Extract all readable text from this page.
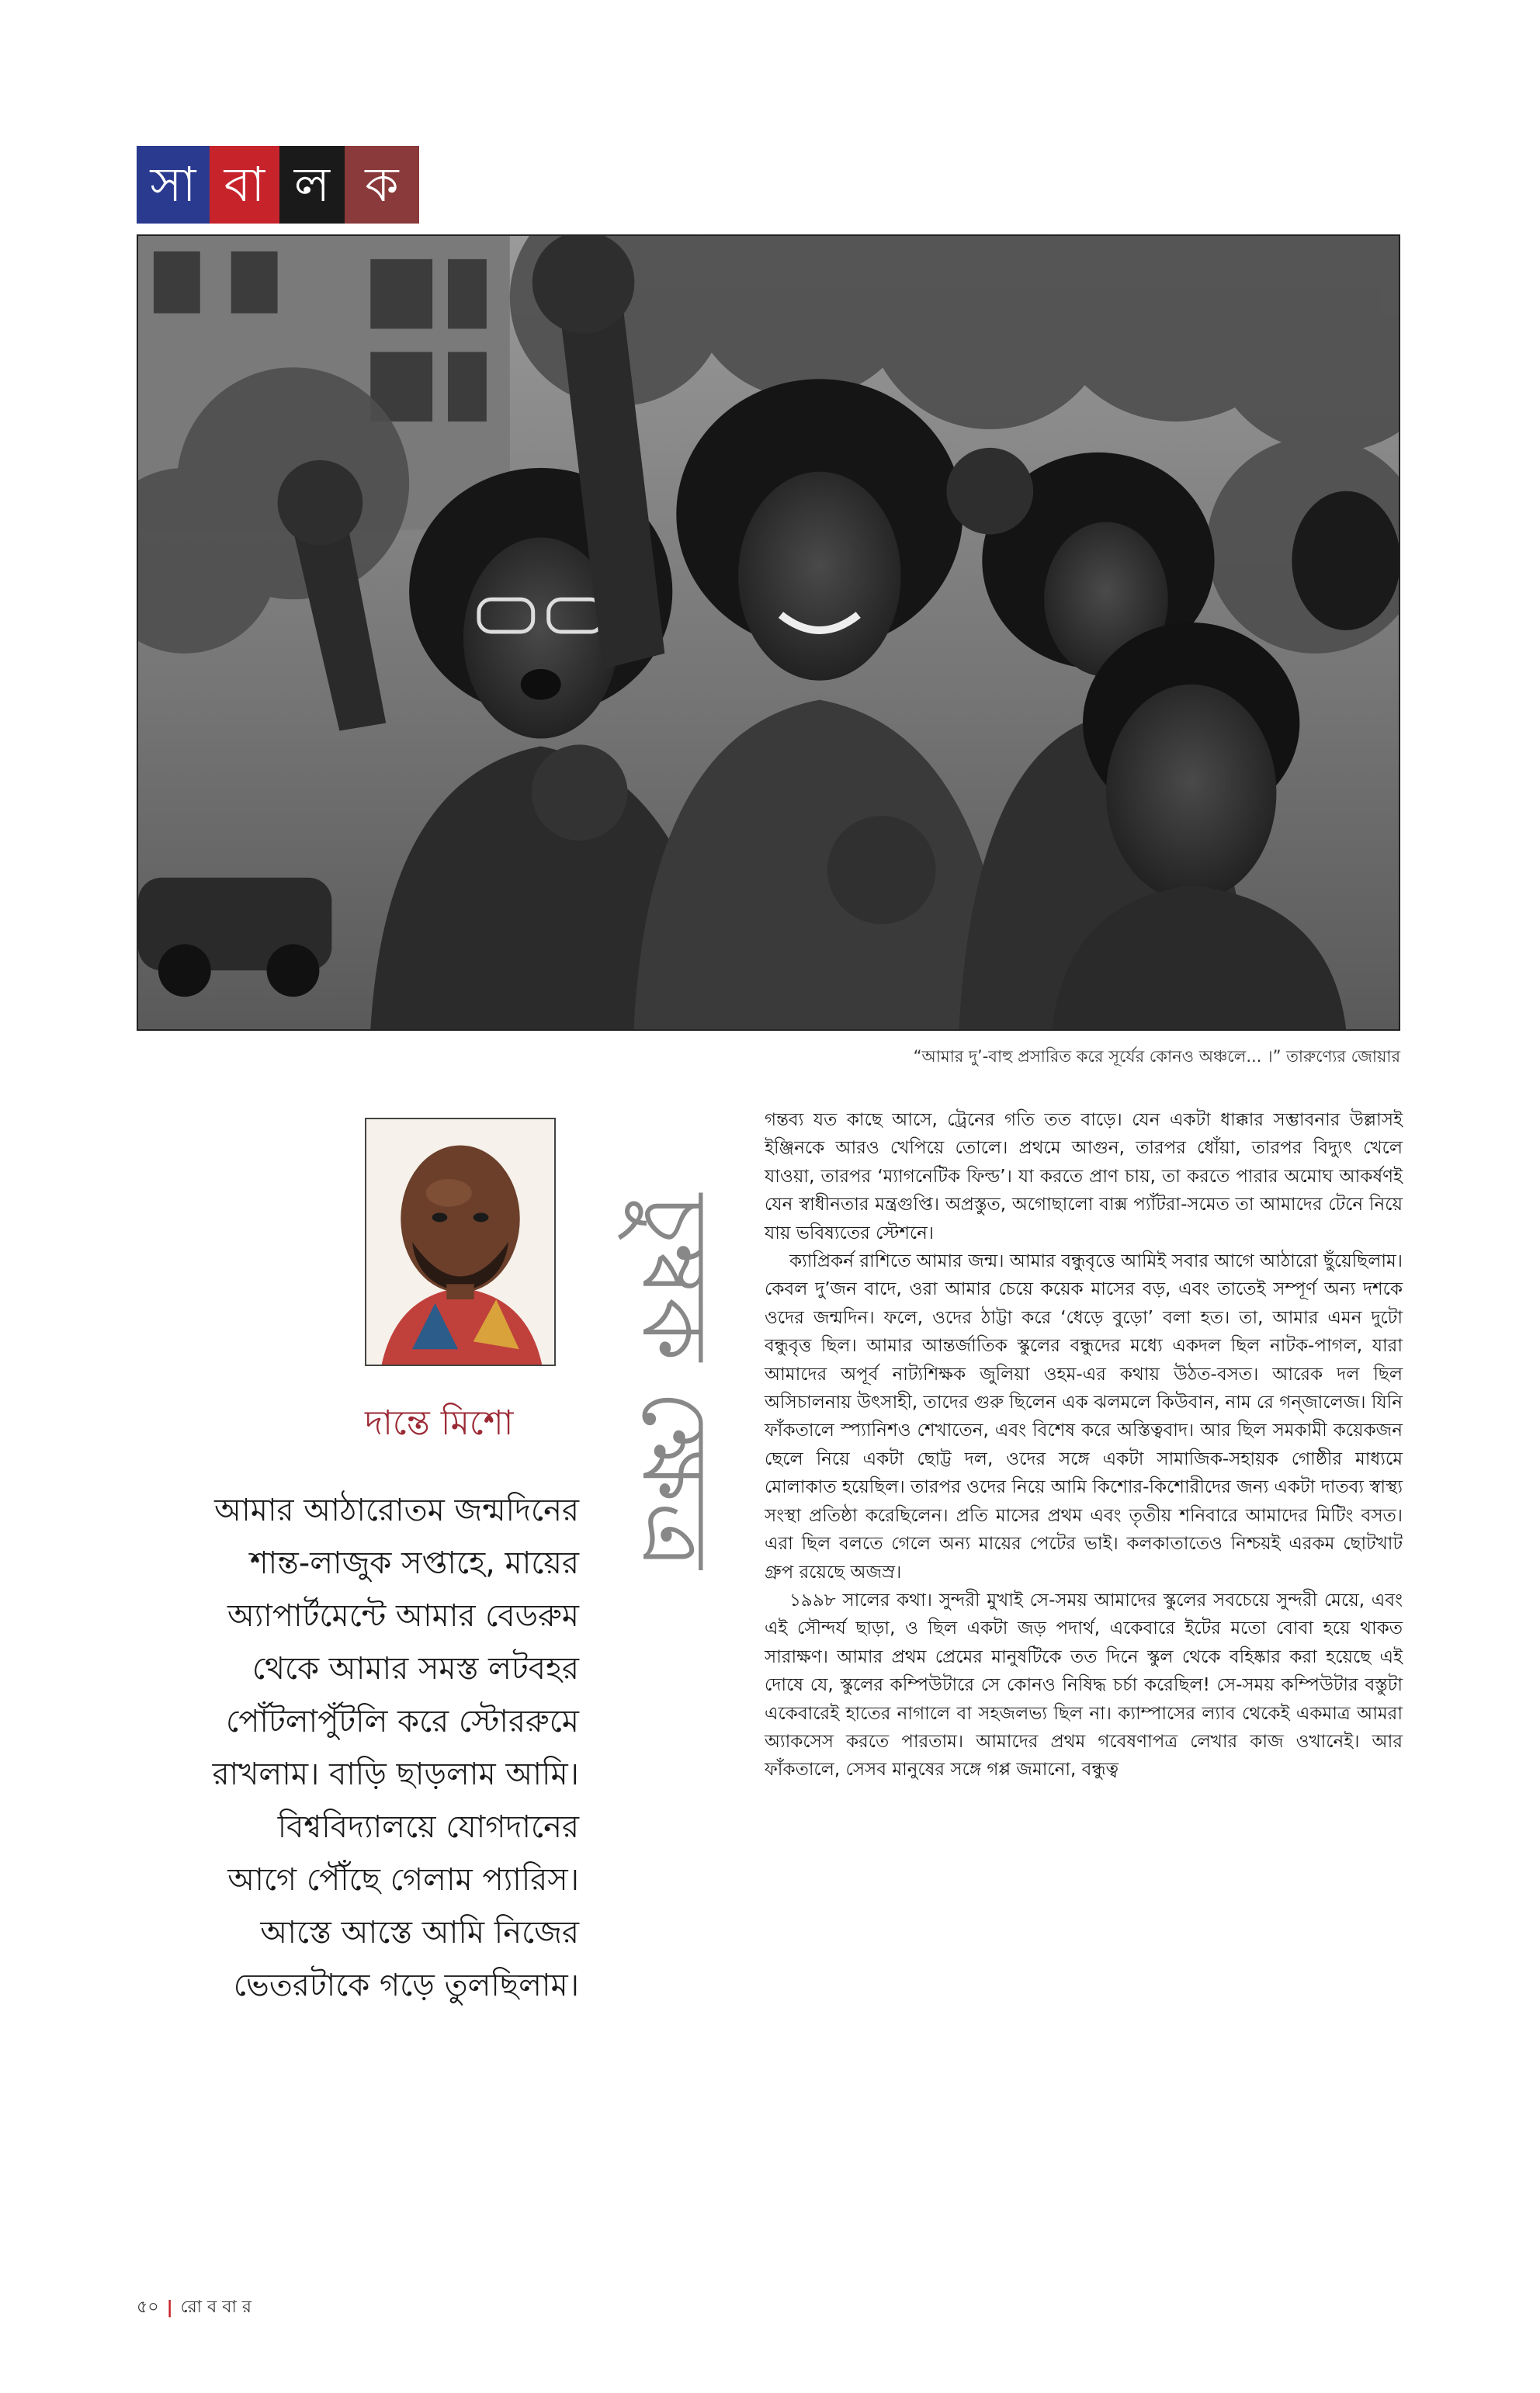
সা বা ল ক
“আমার দু’-বাহু প্রসারিত করে সূর্যের কোনও অঞ্চলে... ।” তারুণ্যের জোয়ার
দান্তে মিশো
আমার আঠারোতম জন্মদিনের
শান্ত-লাজুক সপ্তাহে, মায়ের
অ্যাপার্টমেন্টে আমার বেডরুম
থেকে আমার সমস্ত লটবহর
পোঁটলাপুঁটলি করে স্টোররুমে
রাখলাম। বাড়ি ছাড়লাম আমি।
বিশ্ববিদ্যালয়ে যোগদানের
আগে পৌঁছে গেলাম প্যারিস।
আস্তে আস্তে আমি নিজের
ভেতরটাকে গড়ে তুলছিলাম।
চুম্বক ক্ষেত্র

গন্তব্য যত কাছে আসে, ট্রেনের গতি তত বাড়ে। যেন একটা ধাক্কার সম্ভাবনার উল্লাসই ইঞ্জিনকে আরও খেপিয়ে তোলে। প্রথমে আগুন, তারপর ধোঁয়া, তারপর বিদ্যুৎ খেলে যাওয়া, তারপর ‘ম্যাগনেটিক ফিল্ড’। যা করতে প্রাণ চায়, তা করতে পারার অমোঘ আকর্ষণই যেন স্বাধীনতার মন্ত্রগুপ্তি। অপ্রস্তুত, অগোছালো বাক্স প্যাঁটরা-সমেত তা আমাদের টেনে নিয়ে যায় ভবিষ্যতের স্টেশনে।

ক্যাপ্রিকর্ন রাশিতে আমার জন্ম। আমার বন্ধুবৃত্তে আমিই সবার আগে আঠারো ছুঁয়েছিলাম। কেবল দু’জন বাদে, ওরা আমার চেয়ে কয়েক মাসের বড়, এবং তাতেই সম্পূর্ণ অন্য দশকে ওদের জন্মদিন। ফলে, ওদের ঠাট্টা করে ‘ধেড়ে বুড়ো’ বলা হত। তা, আমার এমন দুটো বন্ধুবৃত্ত ছিল। আমার আন্তর্জাতিক স্কুলের বন্ধুদের মধ্যে একদল ছিল নাটক-পাগল, যারা আমাদের অপূর্ব নাট্যশিক্ষক জুলিয়া ওহম-এর কথায় উঠত-বসত। আরেক দল ছিল অসিচালনায় উৎসাহী, তাদের গুরু ছিলেন এক ঝলমলে কিউবান, নাম রে গন্‌জালেজ। যিনি ফাঁকতালে স্প্যানিশও শেখাতেন, এবং বিশেষ করে অস্তিত্ববাদ। আর ছিল সমকামী কয়েকজন ছেলে নিয়ে একটা ছোট্ট দল, ওদের সঙ্গে একটা সামাজিক-সহায়ক গোষ্ঠীর মাধ্যমে মোলাকাত হয়েছিল। তারপর ওদের নিয়ে আমি কিশোর-কিশোরীদের জন্য একটা দাতব্য স্বাস্থ্য সংস্থা প্রতিষ্ঠা করেছিলেন। প্রতি মাসের প্রথম এবং তৃতীয় শনিবারে আমাদের মিটিং বসত। এরা ছিল বলতে গেলে অন্য মায়ের পেটের ভাই। কলকাতাতেও নিশ্চয়ই এরকম ছোটখাট গ্রুপ রয়েছে অজস্র।

১৯৯৮ সালের কথা। সুন্দরী মুখাই সে-সময় আমাদের স্কুলের সবচেয়ে সুন্দরী মেয়ে, এবং এই সৌন্দর্য ছাড়া, ও ছিল একটা জড় পদার্থ, একেবারে ইটের মতো বোবা হয়ে থাকত সারাক্ষণ। আমার প্রথম প্রেমের মানুষটিকে তত দিনে স্কুল থেকে বহিষ্কার করা হয়েছে এই দোষে যে, স্কুলের কম্পিউটারে সে কোনও নিষিদ্ধ চর্চা করেছিল! সে-সময় কম্পিউটার বস্তুটা একেবারেই হাতের নাগালে বা সহজলভ্য ছিল না। ক্যাম্পাসের ল্যাব থেকেই একমাত্র আমরা অ্যাকসেস করতে পারতাম। আমাদের প্রথম গবেষণাপত্র লেখার কাজ ওখানেই। আর ফাঁকতালে, সেসব মানুষের সঙ্গে গপ্প জমানো, বন্ধুত্ব

৫০ | রো ব বা র
